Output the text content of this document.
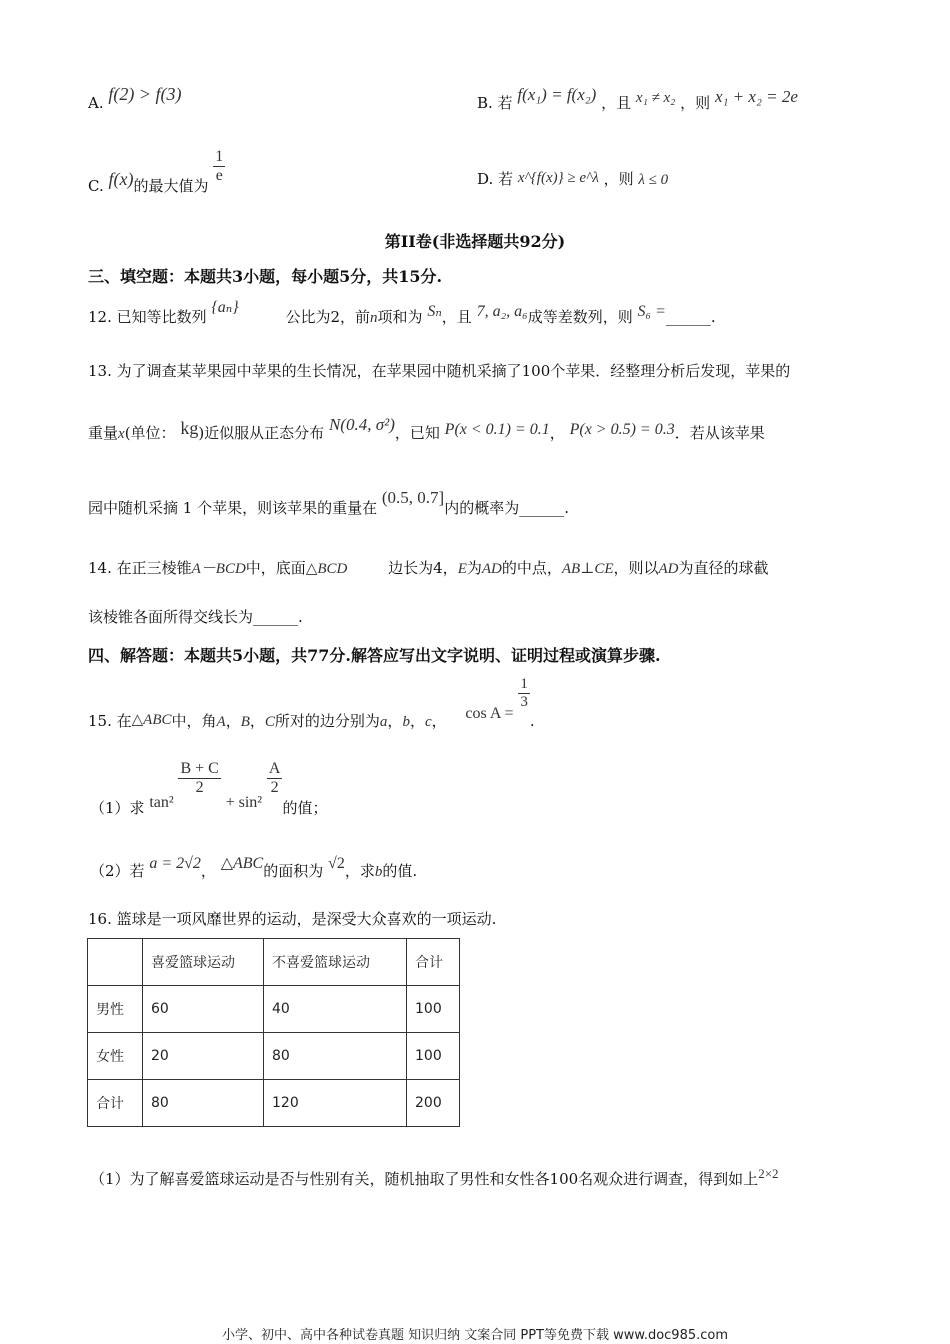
A. f(2) > f(3)	B. 若 f(x₁) = f(x₂) ，且 x₁ ≠ x₂ ，则 x₁ + x₂ = 2e
C. f(x)的最大值为
$\frac{1}{e}$	D. 若 x^{f(x)} ≥ e^λ ，则 λ ≤ 0
第II卷(非选择题共92分)
三、填空题：本题共3小题，每小题5分，共15分.
12. 已知等比数列 {aₙ} 公比为2，前n项和为 Sₙ，且 7, a₂, a₆成等差数列，则 S₆ =______.
13. 为了调查某苹果园中苹果的生长情况，在苹果园中随机采摘了100个苹果．经整理分析后发现，苹果的
重量x(单位： kg)近似服从正态分布 N(0.4, σ²)，已知 P(x < 0.1) = 0.1， P(x > 0.5) = 0.3．若从该苹果
园中随机采摘 1 个苹果，则该苹果的重量在 (0.5, 0.7]内的概率为______.
14. 在正三棱锥A－BCD中，底面△BCD	边长为4，E为AD的中点，AB⊥CE，则以AD为直径的球截
该棱锥各面所得交线长为______.
四、解答题：本题共5小题，共77分.解答应写出文字说明、证明过程或演算步骤.
15. 在△ABC中，角A，B，C所对的边分别为a，b，c， cos A =
$\frac{1}{3}$
.
（1）求 tan²
$\frac{B + C}{2}$
+ sin²
$\frac{A}{2}$
的值；
（2）若 a = 2√2， △ABC的面积为 √2，求b的值.
16. 篮球是一项风靡世界的运动，是深受大众喜欢的一项运动.
	喜爱篮球运动	不喜爱篮球运动	合计
男性	60	40	100
女性	20	80	100
合计	80	120	200
（1）为了解喜爱篮球运动是否与性别有关，随机抽取了男性和女性各100名观众进行调查，得到如上2×2
小学、初中、高中各种试卷真题 知识归纳 文案合同 PPT等免费下载 www.doc985.com
